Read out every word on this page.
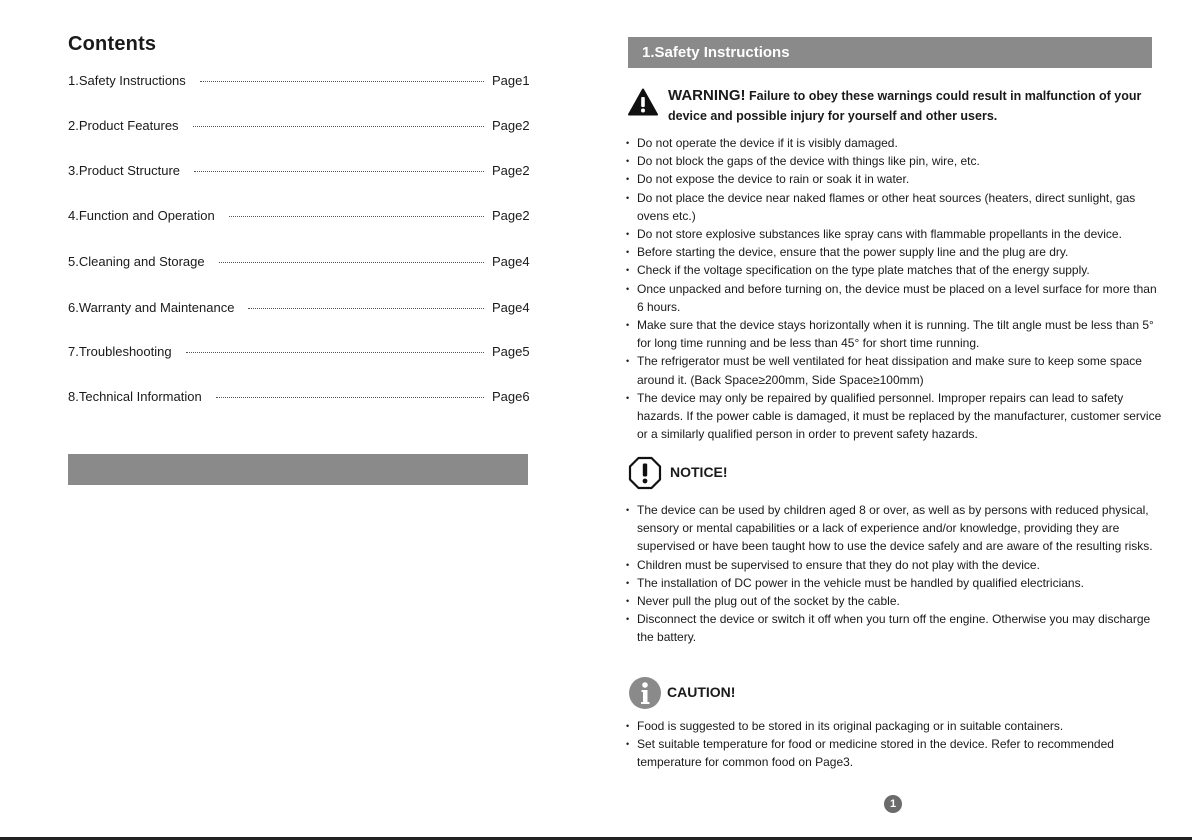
Contents
1.Safety Instructions	Page1
2.Product Features	Page2
3.Product Structure	Page2
4.Function and Operation	Page2
5.Cleaning and Storage	Page4
6.Warranty and Maintenance	Page4
7.Troubleshooting	Page5
8.Technical Information	Page6
1.Safety Instructions
WARNING! Failure to obey these warnings could result in malfunction of your device and possible injury for yourself and other users.
• Do not operate the device if it is visibly damaged.
• Do not block the gaps of the device with things like pin, wire, etc.
• Do not expose the device to rain or soak it in water.
• Do not place the device near naked flames or other heat sources (heaters, direct sunlight, gas ovens etc.)
• Do not store explosive substances like spray cans with flammable propellants in the device.
• Before starting the device, ensure that the power supply line and the plug are dry.
• Check if the voltage specification on the type plate matches that of the energy supply.
• Once unpacked and before turning on, the device must be placed on a level surface for more than 6 hours.
• Make sure that the device stays horizontally when it is running. The tilt angle must be less than 5° for long time running and be less than 45° for short time running.
• The refrigerator must be well ventilated for heat dissipation and make sure to keep some space around it. (Back Space≥200mm, Side Space≥100mm)
• The device may only be repaired by qualified personnel. Improper repairs can lead to safety hazards. If the power cable is damaged, it must be replaced by the manufacturer, customer service or a similarly qualified person in order to prevent safety hazards.
NOTICE!
• The device can be used by children aged 8 or over, as well as by persons with reduced physical, sensory or mental capabilities or a lack of experience and/or knowledge, providing they are supervised or have been taught how to use the device safely and are aware of the resulting risks.
• Children must be supervised to ensure that they do not play with the device.
• The installation of DC power in the vehicle must be handled by qualified electricians.
• Never pull the plug out of the socket by the cable.
• Disconnect the device or switch it off when you turn off the engine. Otherwise you may discharge the battery.
CAUTION!
• Food is suggested to be stored in its original packaging or in suitable containers.
• Set suitable temperature for food or medicine stored in the device. Refer to recommended temperature for common food on Page3.
1
